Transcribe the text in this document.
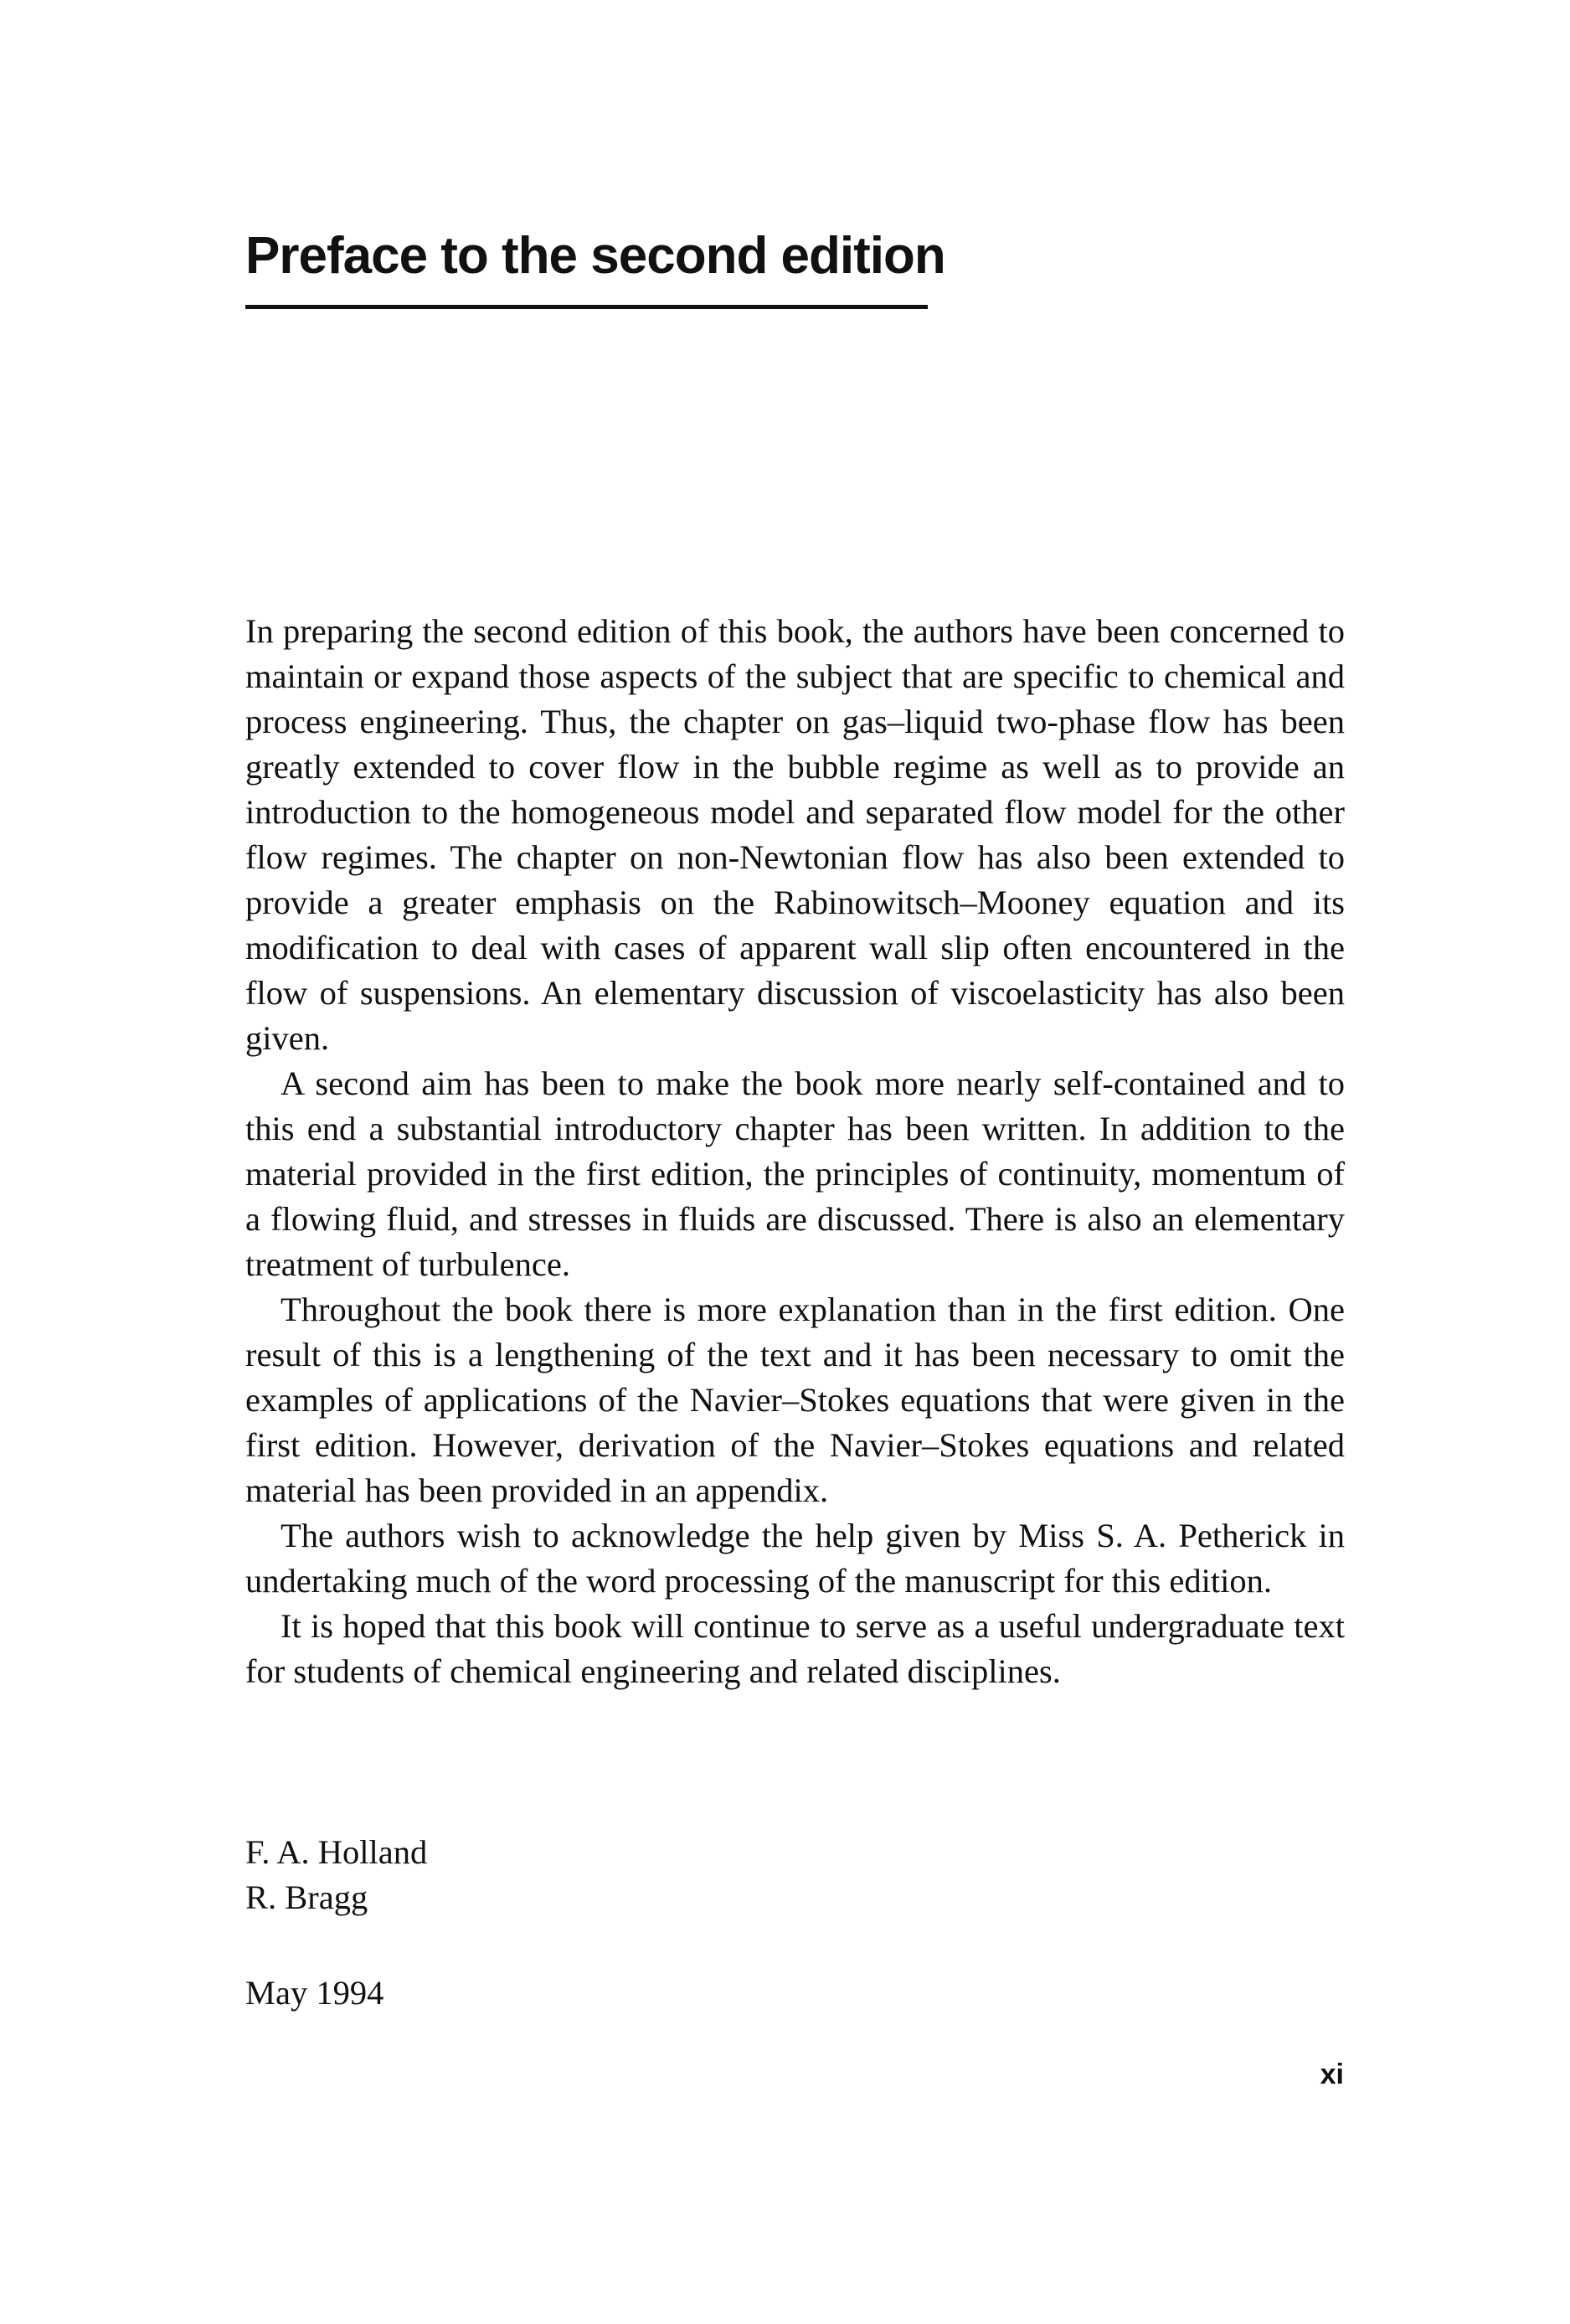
Preface to the second edition

In preparing the second edition of this book, the authors have been concerned to maintain or expand those aspects of the subject that are specific to chemical and process engineering. Thus, the chapter on gas–liquid two-phase flow has been greatly extended to cover flow in the bubble regime as well as to provide an introduction to the homogeneous model and separated flow model for the other flow regimes. The chapter on non-Newtonian flow has also been extended to provide a greater emphasis on the Rabinowitsch–Mooney equation and its modification to deal with cases of apparent wall slip often encountered in the flow of suspensions. An elementary discussion of viscoelasticity has also been given.

A second aim has been to make the book more nearly self-contained and to this end a substantial introductory chapter has been written. In addition to the material provided in the first edition, the principles of continuity, momentum of a flowing fluid, and stresses in fluids are discussed. There is also an elementary treatment of turbulence.

Throughout the book there is more explanation than in the first edition. One result of this is a lengthening of the text and it has been necessary to omit the examples of applications of the Navier–Stokes equations that were given in the first edition. However, derivation of the Navier–Stokes equations and related material has been provided in an appendix.

The authors wish to acknowledge the help given by Miss S. A. Petherick in undertaking much of the word processing of the manuscript for this edition.

It is hoped that this book will continue to serve as a useful undergraduate text for students of chemical engineering and related disciplines.

F. A. Holland
R. Bragg
May 1994
xi
